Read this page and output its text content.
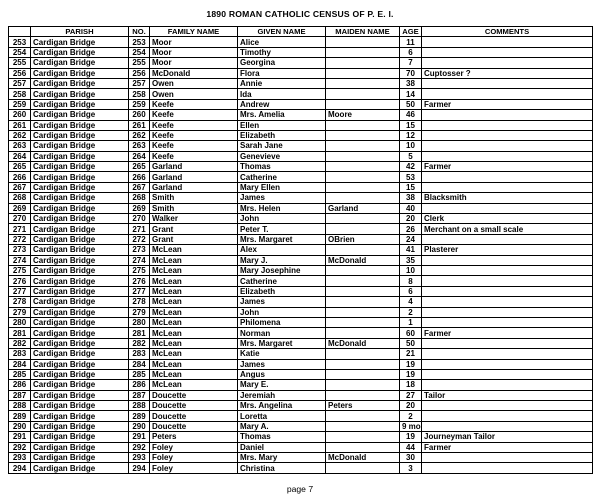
1890 ROMAN CATHOLIC CENSUS OF P. E. I.
	PARISH	NO.	FAMILY NAME	GIVEN NAME	MAIDEN NAME	AGE	COMMENTS
253	Cardigan Bridge	253	Moor	Alice		11	
254	Cardigan Bridge	254	Moor	Timothy		6	
255	Cardigan Bridge	255	Moor	Georgina		7	
256	Cardigan Bridge	256	McDonald	Flora		70	Cuptosser ?
257	Cardigan Bridge	257	Owen	Annie		38	
258	Cardigan Bridge	258	Owen	Ida		14	
259	Cardigan Bridge	259	Keefe	Andrew		50	Farmer
260	Cardigan Bridge	260	Keefe	Mrs. Amelia	Moore	46	
261	Cardigan Bridge	261	Keefe	Ellen		15	
262	Cardigan Bridge	262	Keefe	Elizabeth		12	
263	Cardigan Bridge	263	Keefe	Sarah Jane		10	
264	Cardigan Bridge	264	Keefe	Genevieve		5	
265	Cardigan Bridge	265	Garland	Thomas		42	Farmer
266	Cardigan Bridge	266	Garland	Catherine		53	
267	Cardigan Bridge	267	Garland	Mary Ellen		15	
268	Cardigan Bridge	268	Smith	James		38	Blacksmith
269	Cardigan Bridge	269	Smith	Mrs. Helen	Garland	40	
270	Cardigan Bridge	270	Walker	John		20	Clerk
271	Cardigan Bridge	271	Grant	Peter T.		26	Merchant on a small scale
272	Cardigan Bridge	272	Grant	Mrs. Margaret	OBrien	24	
273	Cardigan Bridge	273	McLean	Alex		41	Plasterer
274	Cardigan Bridge	274	McLean	Mary J.	McDonald	35	
275	Cardigan Bridge	275	McLean	Mary Josephine		10	
276	Cardigan Bridge	276	McLean	Catherine		8	
277	Cardigan Bridge	277	McLean	Elizabeth		6	
278	Cardigan Bridge	278	McLean	James		4	
279	Cardigan Bridge	279	McLean	John		2	
280	Cardigan Bridge	280	McLean	Philomena		1	
281	Cardigan Bridge	281	McLean	Norman		60	Farmer
282	Cardigan Bridge	282	McLean	Mrs. Margaret	McDonald	50	
283	Cardigan Bridge	283	McLean	Katie		21	
284	Cardigan Bridge	284	McLean	James		19	
285	Cardigan Bridge	285	McLean	Angus		19	
286	Cardigan Bridge	286	McLean	Mary E.		18	
287	Cardigan Bridge	287	Doucette	Jeremiah		27	Tailor
288	Cardigan Bridge	288	Doucette	Mrs. Angelina	Peters	20	
289	Cardigan Bridge	289	Doucette	Loretta		2	
290	Cardigan Bridge	290	Doucette	Mary A.		9 mo	
291	Cardigan Bridge	291	Peters	Thomas		19	Journeyman Tailor
292	Cardigan Bridge	292	Foley	Daniel		44	Farmer
293	Cardigan Bridge	293	Foley	Mrs. Mary	McDonald	30	
294	Cardigan Bridge	294	Foley	Christina		3	
page 7
